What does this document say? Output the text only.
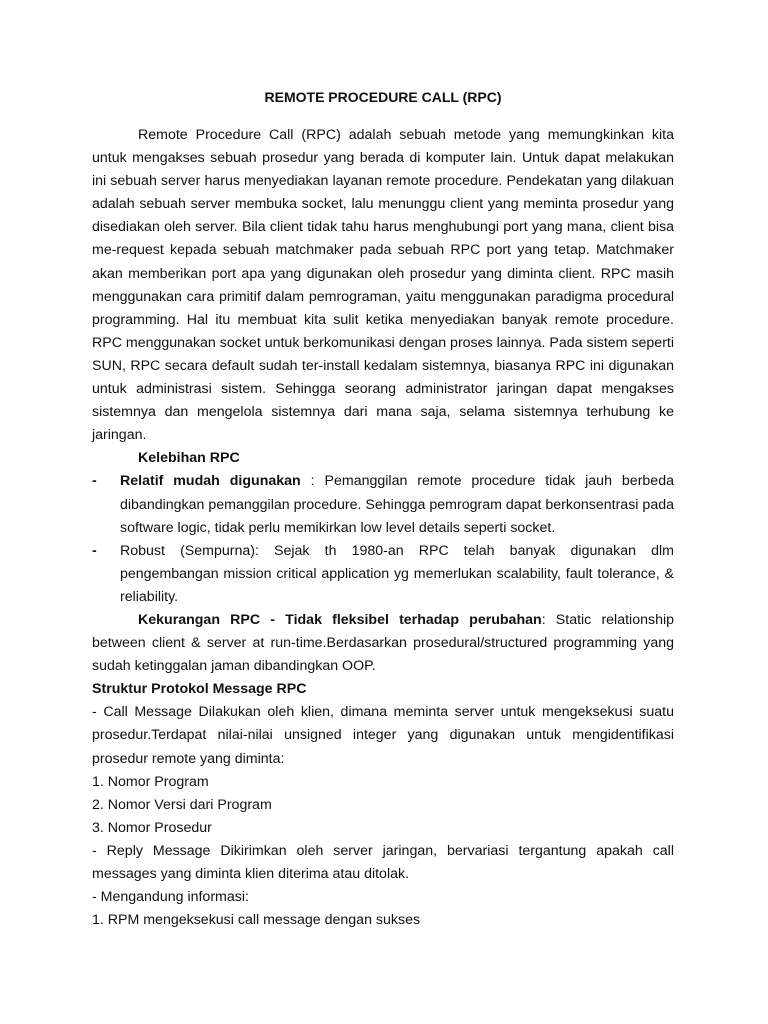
REMOTE PROCEDURE CALL (RPC)

Remote Procedure Call (RPC) adalah sebuah metode yang memungkinkan kita untuk mengakses sebuah prosedur yang berada di komputer lain. Untuk dapat melakukan ini sebuah server harus menyediakan layanan remote procedure. Pendekatan yang dilakuan adalah sebuah server membuka socket, lalu menunggu client yang meminta prosedur yang disediakan oleh server. Bila client tidak tahu harus menghubungi port yang mana, client bisa me-request kepada sebuah matchmaker pada sebuah RPC port yang tetap. Matchmaker akan memberikan port apa yang digunakan oleh prosedur yang diminta client. RPC masih menggunakan cara primitif dalam pemrograman, yaitu menggunakan paradigma procedural programming. Hal itu membuat kita sulit ketika menyediakan banyak remote procedure. RPC menggunakan socket untuk berkomunikasi dengan proses lainnya. Pada sistem seperti SUN, RPC secara default sudah ter-install kedalam sistemnya, biasanya RPC ini digunakan untuk administrasi sistem. Sehingga seorang administrator jaringan dapat mengakses sistemnya dan mengelola sistemnya dari mana saja, selama sistemnya terhubung ke jaringan.

Kelebihan RPC
-	Relatif mudah digunakan : Pemanggilan remote procedure tidak jauh berbeda dibandingkan pemanggilan procedure. Sehingga pemrogram dapat berkonsentrasi pada software logic, tidak perlu memikirkan low level details seperti socket.
-	Robust (Sempurna): Sejak th 1980-an RPC telah banyak digunakan dlm pengembangan mission critical application yg memerlukan scalability, fault tolerance, & reliability.

Kekurangan RPC - Tidak fleksibel terhadap perubahan: Static relationship between client & server at run-time.Berdasarkan prosedural/structured programming yang sudah ketinggalan jaman dibandingkan OOP.

Struktur Protokol Message RPC

- Call Message Dilakukan oleh klien, dimana meminta server untuk mengeksekusi suatu prosedur.Terdapat nilai-nilai unsigned integer yang digunakan untuk mengidentifikasi prosedur remote yang diminta:

1. Nomor Program
2. Nomor Versi dari Program
3. Nomor Prosedur

- Reply Message Dikirimkan oleh server jaringan, bervariasi tergantung apakah call messages yang diminta klien diterima atau ditolak.

- Mengandung informasi:
1. RPM mengeksekusi call message dengan sukses
